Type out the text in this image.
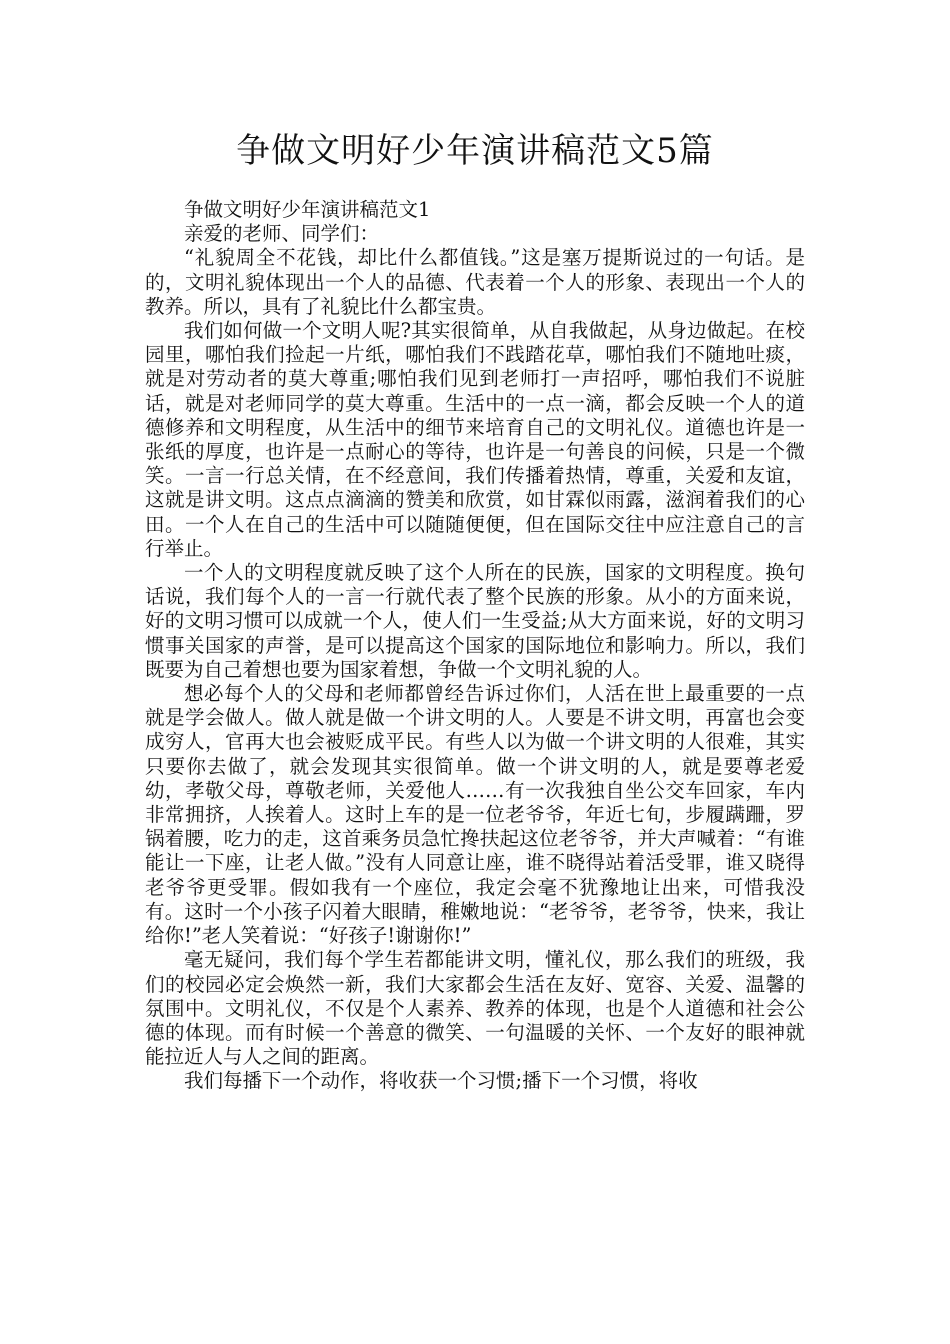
争做文明好少年演讲稿范文5篇

争做文明好少年演讲稿范文1

亲爱的老师、同学们：

“礼貌周全不花钱，却比什么都值钱。”这是塞万提斯说过的一句话。是的，文明礼貌体现出一个人的品德、代表着一个人的形象、表现出一个人的教养。所以，具有了礼貌比什么都宝贵。

我们如何做一个文明人呢?其实很简单，从自我做起，从身边做起。在校园里，哪怕我们捡起一片纸，哪怕我们不践踏花草，哪怕我们不随地吐痰，就是对劳动者的莫大尊重;哪怕我们见到老师打一声招呼，哪怕我们不说脏话，就是对老师同学的莫大尊重。生活中的一点一滴，都会反映一个人的道德修养和文明程度，从生活中的细节来培育自己的文明礼仪。道德也许是一张纸的厚度，也许是一点耐心的等待，也许是一句善良的问候，只是一个微笑。一言一行总关情，在不经意间，我们传播着热情，尊重，关爱和友谊，这就是讲文明。这点点滴滴的赞美和欣赏，如甘霖似雨露，滋润着我们的心田。一个人在自己的生活中可以随随便便，但在国际交往中应注意自己的言行举止。

一个人的文明程度就反映了这个人所在的民族，国家的文明程度。换句话说，我们每个人的一言一行就代表了整个民族的形象。从小的方面来说，好的文明习惯可以成就一个人，使人们一生受益;从大方面来说，好的文明习惯事关国家的声誉，是可以提高这个国家的国际地位和影响力。所以，我们既要为自己着想也要为国家着想，争做一个文明礼貌的人。

想必每个人的父母和老师都曾经告诉过你们，人活在世上最重要的一点就是学会做人。做人就是做一个讲文明的人。人要是不讲文明，再富也会变成穷人，官再大也会被贬成平民。有些人以为做一个讲文明的人很难，其实只要你去做了，就会发现其实很简单。做一个讲文明的人，就是要尊老爱幼，孝敬父母，尊敬老师，关爱他人……有一次我独自坐公交车回家，车内非常拥挤，人挨着人。这时上车的是一位老爷爷，年近七旬，步履蹒跚，罗锅着腰，吃力的走，这首乘务员急忙搀扶起这位老爷爷，并大声喊着：“有谁能让一下座，让老人做。”没有人同意让座，谁不晓得站着活受罪，谁又晓得老爷爷更受罪。假如我有一个座位，我定会毫不犹豫地让出来，可惜我没有。这时一个小孩子闪着大眼睛，稚嫩地说：“老爷爷，老爷爷，快来，我让给你!”老人笑着说：“好孩子!谢谢你!”

毫无疑问，我们每个学生若都能讲文明，懂礼仪，那么我们的班级，我们的校园必定会焕然一新，我们大家都会生活在友好、宽容、关爱、温馨的氛围中。文明礼仪，不仅是个人素养、教养的体现，也是个人道德和社会公德的体现。而有时候一个善意的微笑、一句温暖的关怀、一个友好的眼神就能拉近人与人之间的距离。

我们每播下一个动作，将收获一个习惯;播下一个习惯，将收
